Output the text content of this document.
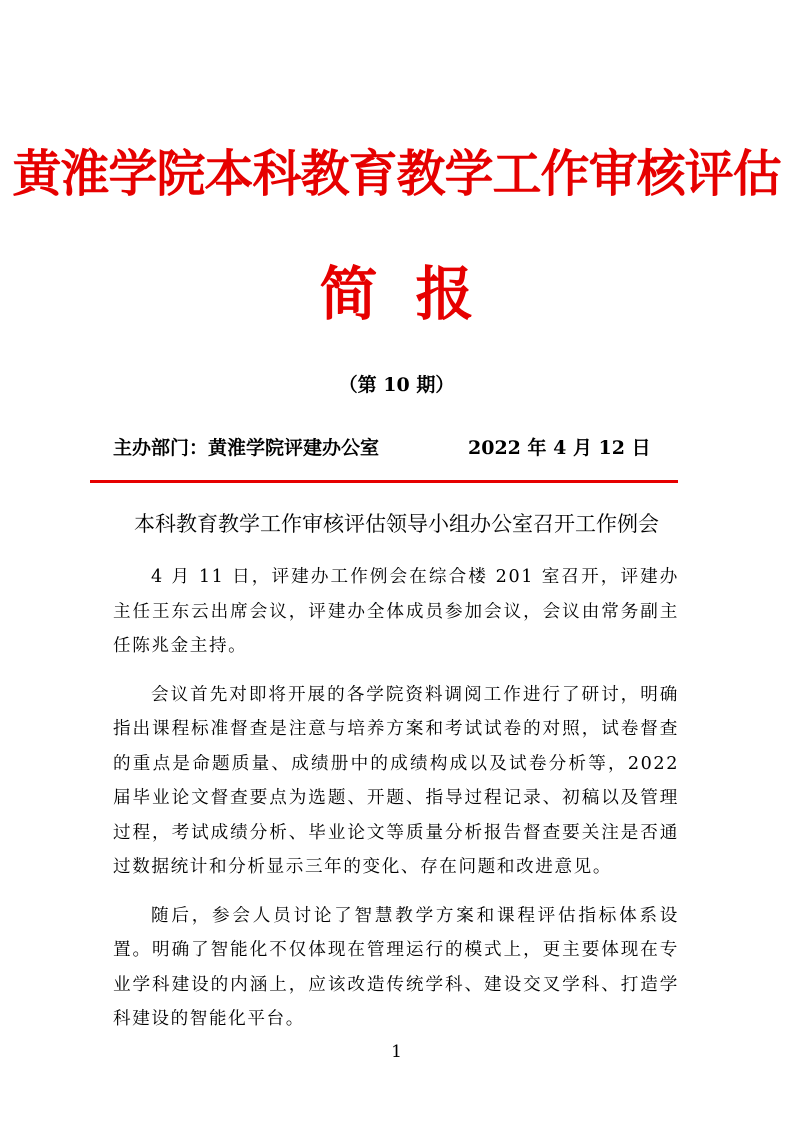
黄淮学院本科教育教学工作审核评估
简报
（第 10 期）
主办部门：黄淮学院评建办公室	2022 年 4 月 12 日
本科教育教学工作审核评估领导小组办公室召开工作例会

4 月 11 日，评建办工作例会在综合楼 201 室召开，评建办主任王东云出席会议，评建办全体成员参加会议，会议由常务副主任陈兆金主持。

会议首先对即将开展的各学院资料调阅工作进行了研讨，明确指出课程标准督查是注意与培养方案和考试试卷的对照，试卷督查的重点是命题质量、成绩册中的成绩构成以及试卷分析等，2022 届毕业论文督查要点为选题、开题、指导过程记录、初稿以及管理过程，考试成绩分析、毕业论文等质量分析报告督查要关注是否通过数据统计和分析显示三年的变化、存在问题和改进意见。

随后，参会人员讨论了智慧教学方案和课程评估指标体系设置。明确了智能化不仅体现在管理运行的模式上，更主要体现在专业学科建设的内涵上，应该改造传统学科、建设交叉学科、打造学科建设的智能化平台。

1
